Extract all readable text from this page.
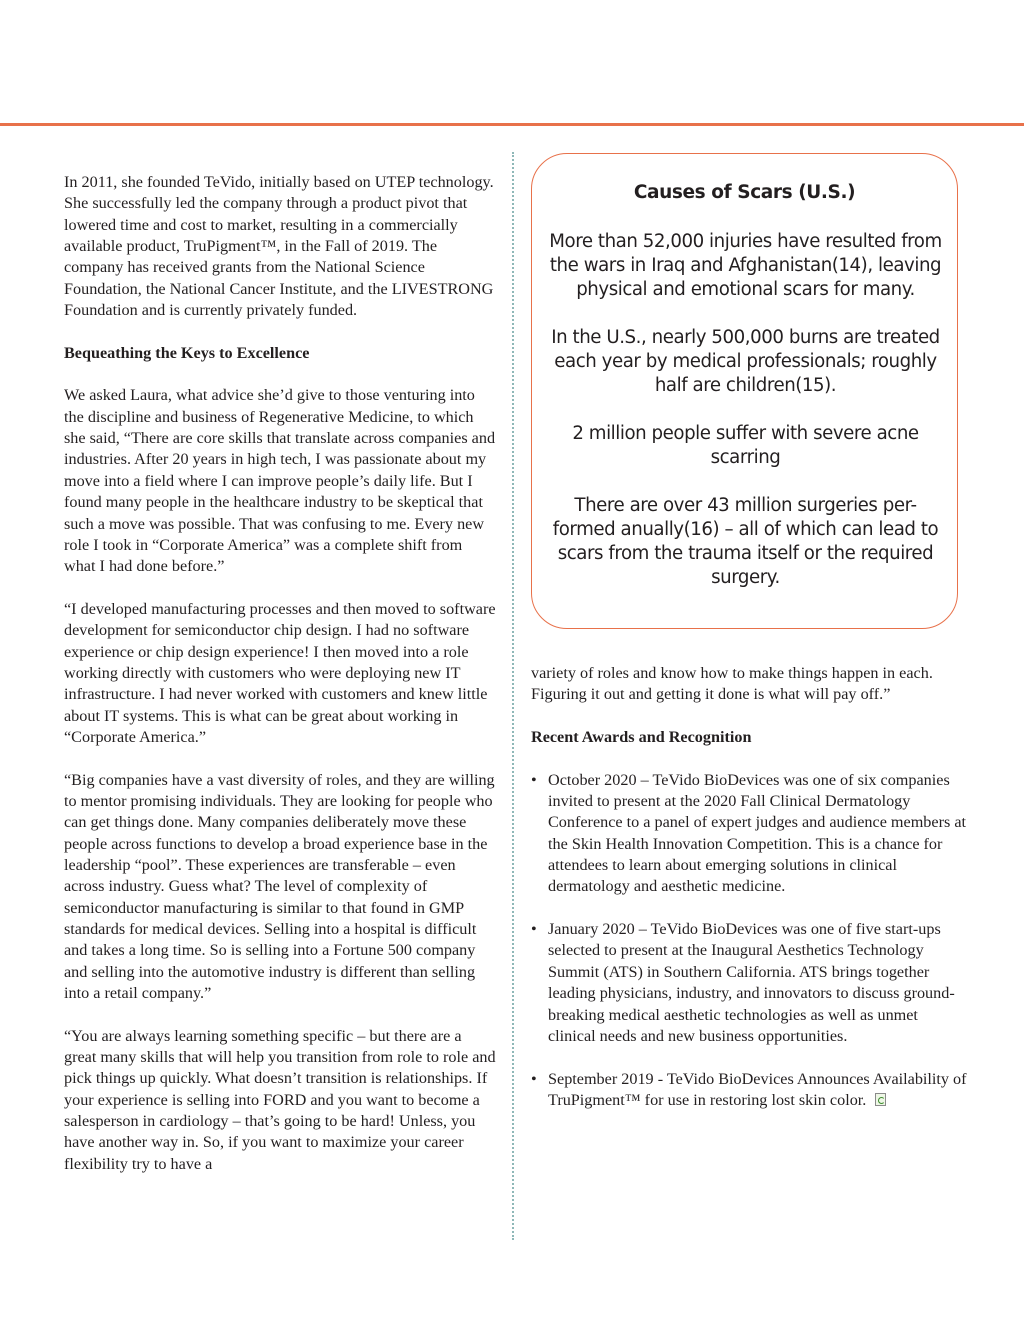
In 2011, she founded TeVido, initially based on UTEP technology. She successfully led the company through a product pivot that lowered time and cost to market, resulting in a commercially available product, TruPigment™, in the Fall of 2019. The company has received grants from the National Science Foundation, the National Cancer Institute, and the LIVESTRONG Foundation and is currently privately funded.

Bequeathing the Keys to Excellence

We asked Laura, what advice she’d give to those venturing into the discipline and business of Regenerative Medicine, to which she said, “There are core skills that translate across companies and industries. After 20 years in high tech, I was passionate about my move into a field where I can improve people’s daily life. But I found many people in the healthcare industry to be skeptical that such a move was possible. That was confusing to me. Every new role I took in “Corporate America” was a complete shift from what I had done before.”

“I developed manufacturing processes and then moved to software development for semiconductor chip design. I had no software experience or chip design experience! I then moved into a role working directly with customers who were deploying new IT infrastructure. I had never worked with customers and knew little about IT systems. This is what can be great about working in “Corporate America.”

“Big companies have a vast diversity of roles, and they are willing to mentor promising individuals. They are looking for people who can get things done. Many companies deliberately move these people across functions to develop a broad experience base in the leadership “pool”. These experiences are transferable – even across industry. Guess what? The level of complexity of semiconductor manufacturing is similar to that found in GMP standards for medical devices. Selling into a hospital is difficult and takes a long time. So is selling into a Fortune 500 company and selling into the automotive industry is different than selling into a retail company.”

“You are always learning something specific – but there are a great many skills that will help you transition from role to role and pick things up quickly. What doesn’t transition is relationships. If your experience is selling into FORD and you want to become a salesperson in cardiology – that’s going to be hard! Unless, you have another way in. So, if you want to maximize your career flexibility try to have a

Causes of Scars (U.S.)

More than 52,000 injuries have resulted from the wars in Iraq and Afghanistan(14), leaving physical and emotional scars for many.

In the U.S., nearly 500,000 burns are treated each year by medical professionals; roughly half are children(15).

2 million people suffer with severe acne scarring

There are over 43 million surgeries per-formed anually(16) – all of which can lead to scars from the trauma itself or the required surgery.

variety of roles and know how to make things happen in each. Figuring it out and getting it done is what will pay off.”

Recent Awards and Recognition

• October 2020 – TeVido BioDevices was one of six companies invited to present at the 2020 Fall Clinical Dermatology Conference to a panel of expert judges and audience members at the Skin Health Innovation Competition. This is a chance for attendees to learn about emerging solutions in clinical dermatology and aesthetic medicine.
• January 2020 – TeVido BioDevices was one of five start-ups selected to present at the Inaugural Aesthetics Technology Summit (ATS) in Southern California. ATS brings together leading physicians, industry, and innovators to discuss ground-breaking medical aesthetic technologies as well as unmet clinical needs and new business opportunities.
• September 2019 - TeVido BioDevices Announces Availability of TruPigment™ for use in restoring lost skin color.
